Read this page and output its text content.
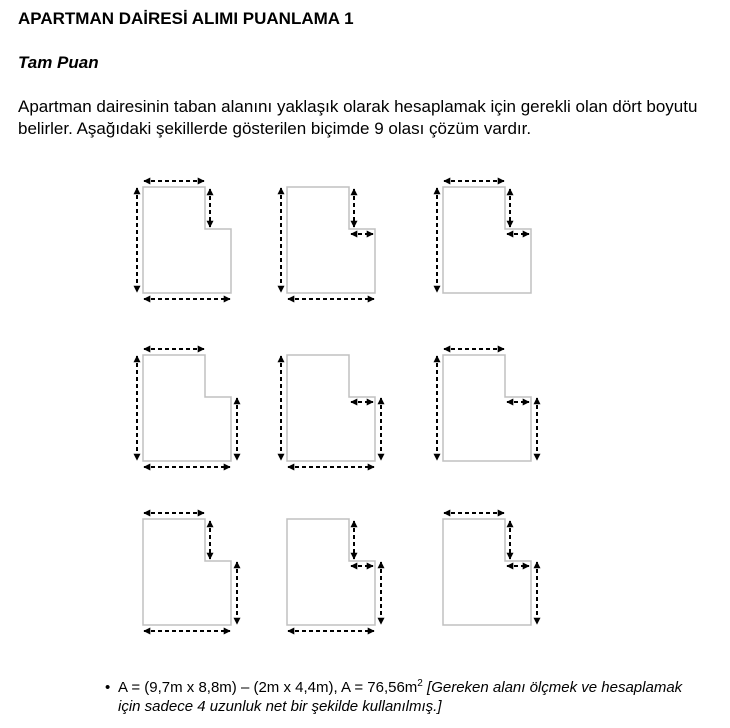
APARTMAN DAİRESİ ALIMI PUANLAMA 1
Tam Puan

Apartman dairesinin taban alanını yaklaşık olarak hesaplamak için gerekli olan dört boyutu belirler. Aşağıdaki şekillerde gösterilen biçimde 9 olası çözüm vardır.

• A = (9,7m x 8,8m) – (2m x 4,4m), $A = 76,56m^2$ [Gereken alanı ölçmek ve hesaplamak için sadece 4 uzunluk net bir şekilde kullanılmış.]
